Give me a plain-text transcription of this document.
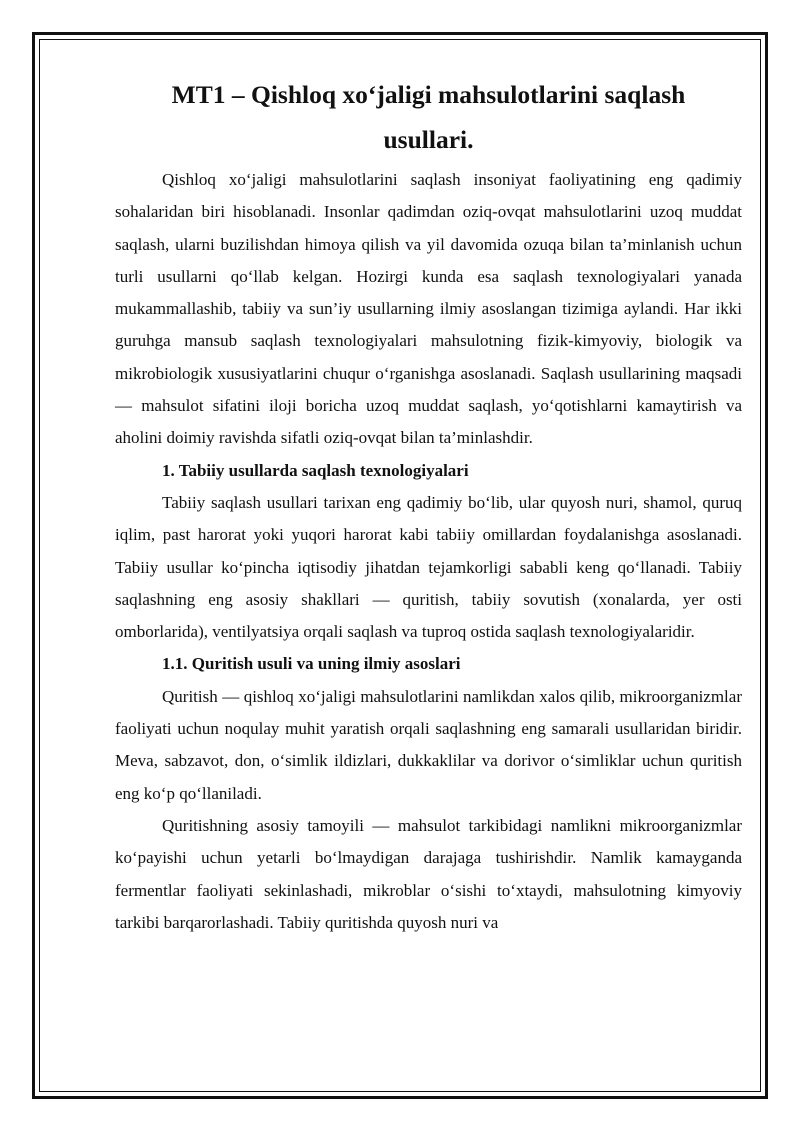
MT1 – Qishloq xo‘jaligi mahsulotlarini saqlash usullari.

Qishloq xo‘jaligi mahsulotlarini saqlash insoniyat faoliyatining eng qadimiy sohalaridan biri hisoblanadi. Insonlar qadimdan oziq-ovqat mahsulotlarini uzoq muddat saqlash, ularni buzilishdan himoya qilish va yil davomida ozuqa bilan ta’minlanish uchun turli usullarni qo‘llab kelgan. Hozirgi kunda esa saqlash texnologiyalari yanada mukammallashib, tabiiy va sun’iy usullarning ilmiy asoslangan tizimiga aylandi. Har ikki guruhga mansub saqlash texnologiyalari mahsulotning fizik-kimyoviy, biologik va mikrobiologik xususiyatlarini chuqur o‘rganishga asoslanadi. Saqlash usullarining maqsadi — mahsulot sifatini iloji boricha uzoq muddat saqlash, yo‘qotishlarni kamaytirish va aholini doimiy ravishda sifatli oziq-ovqat bilan ta’minlashdir.

1. Tabiiy usullarda saqlash texnologiyalari

Tabiiy saqlash usullari tarixan eng qadimiy bo‘lib, ular quyosh nuri, shamol, quruq iqlim, past harorat yoki yuqori harorat kabi tabiiy omillardan foydalanishga asoslanadi. Tabiiy usullar ko‘pincha iqtisodiy jihatdan tejamkorligi sababli keng qo‘llanadi. Tabiiy saqlashning eng asosiy shakllari — quritish, tabiiy sovutish (xonalarda, yer osti omborlarida), ventilyatsiya orqali saqlash va tuproq ostida saqlash texnologiyalaridir.

1.1. Quritish usuli va uning ilmiy asoslari

Quritish — qishloq xo‘jaligi mahsulotlarini namlikdan xalos qilib, mikroorganizmlar faoliyati uchun noqulay muhit yaratish orqali saqlashning eng samarali usullaridan biridir. Meva, sabzavot, don, o‘simlik ildizlari, dukkaklilar va dorivor o‘simliklar uchun quritish eng ko‘p qo‘llaniladi.

Quritishning asosiy tamoyili — mahsulot tarkibidagi namlikni mikroorganizmlar ko‘payishi uchun yetarli bo‘lmaydigan darajaga tushirishdir. Namlik kamayganda fermentlar faoliyati sekinlashadi, mikroblar o‘sishi to‘xtaydi, mahsulotning kimyoviy tarkibi barqarorlashadi. Tabiiy quritishda quyosh nuri va
